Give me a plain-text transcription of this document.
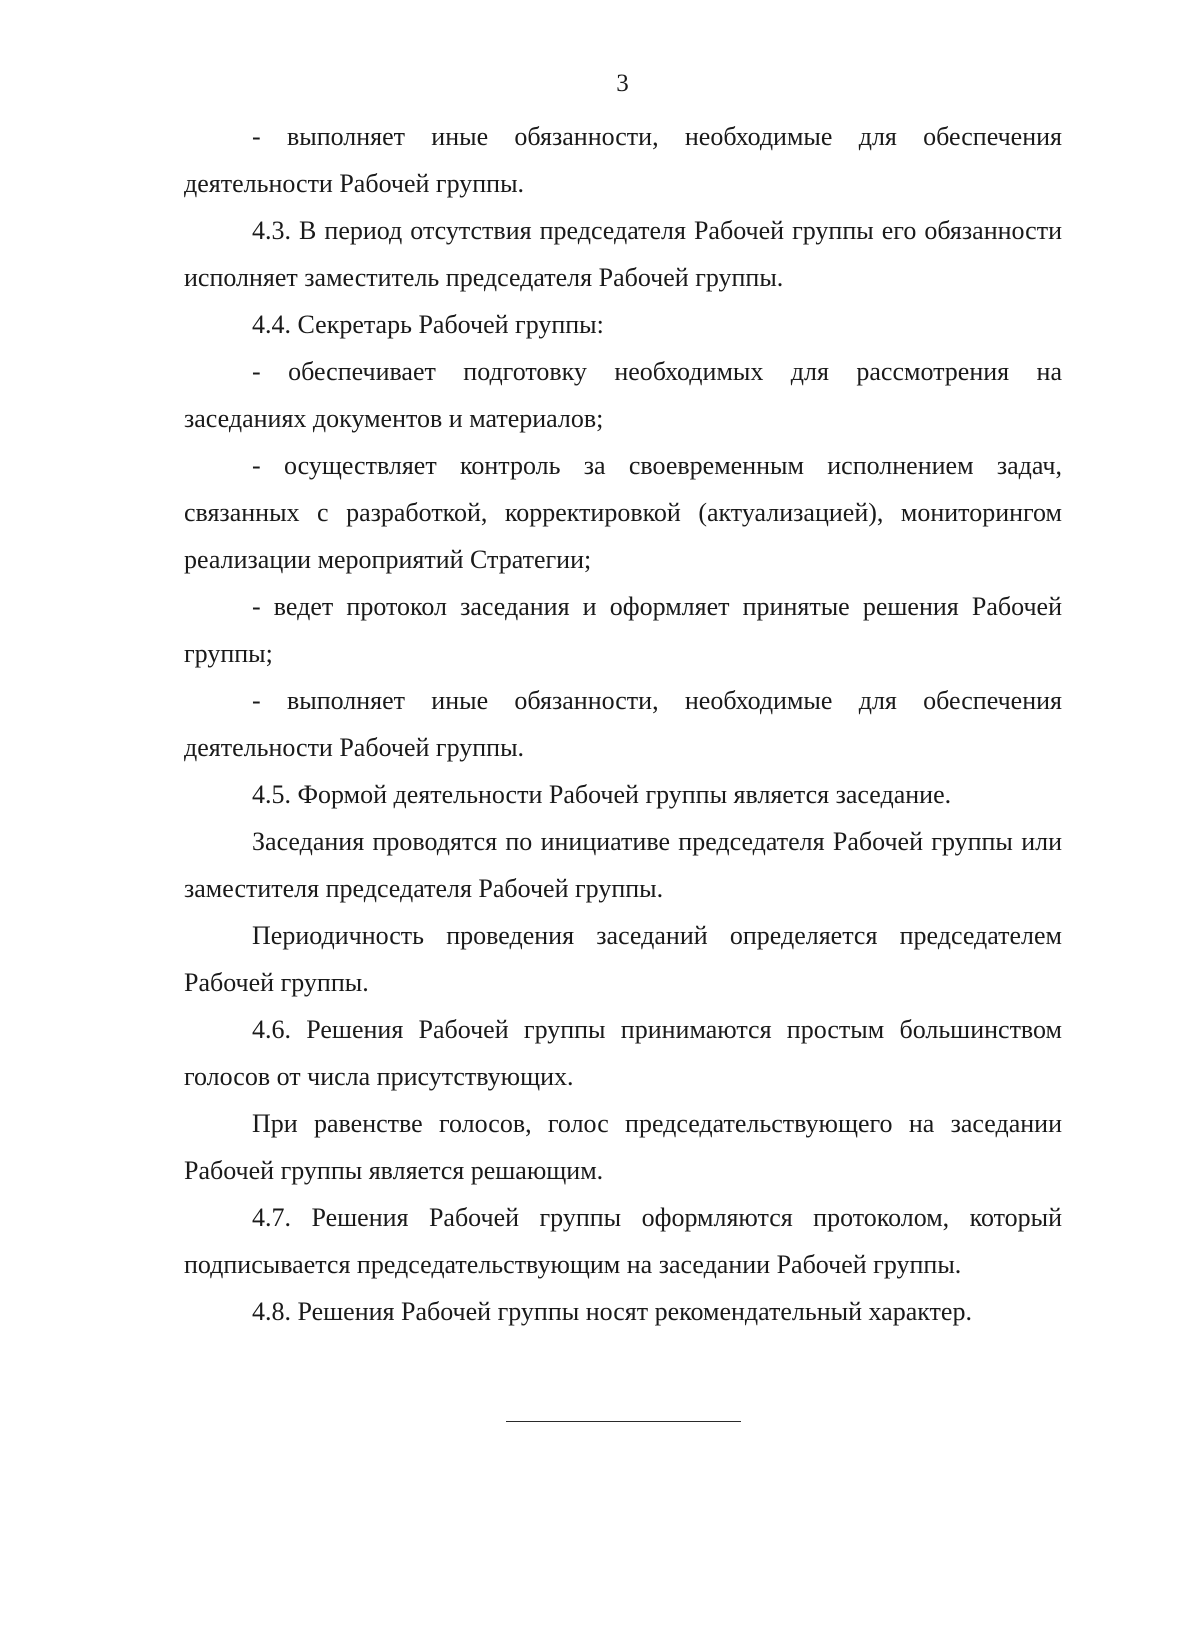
3

- выполняет иные обязанности, необходимые для обеспечения деятельности Рабочей группы.

4.3. В период отсутствия председателя Рабочей группы его обязанности исполняет заместитель председателя Рабочей группы.

4.4. Секретарь Рабочей группы:

- обеспечивает подготовку необходимых для рассмотрения на заседаниях документов и материалов;

- осуществляет контроль за своевременным исполнением задач, связанных с разработкой, корректировкой (актуализацией), мониторингом реализации мероприятий Стратегии;

- ведет протокол заседания и оформляет принятые решения Рабочей группы;

- выполняет иные обязанности, необходимые для обеспечения деятельности Рабочей группы.

4.5. Формой деятельности Рабочей группы является заседание.

Заседания проводятся по инициативе председателя Рабочей группы или заместителя председателя Рабочей группы.

Периодичность проведения заседаний определяется председателем Рабочей группы.

4.6. Решения Рабочей группы принимаются простым большинством голосов от числа присутствующих.

При равенстве голосов, голос председательствующего на заседании Рабочей группы является решающим.

4.7. Решения Рабочей группы оформляются протоколом, который подписывается председательствующим на заседании Рабочей группы.

4.8. Решения Рабочей группы носят рекомендательный характер.
